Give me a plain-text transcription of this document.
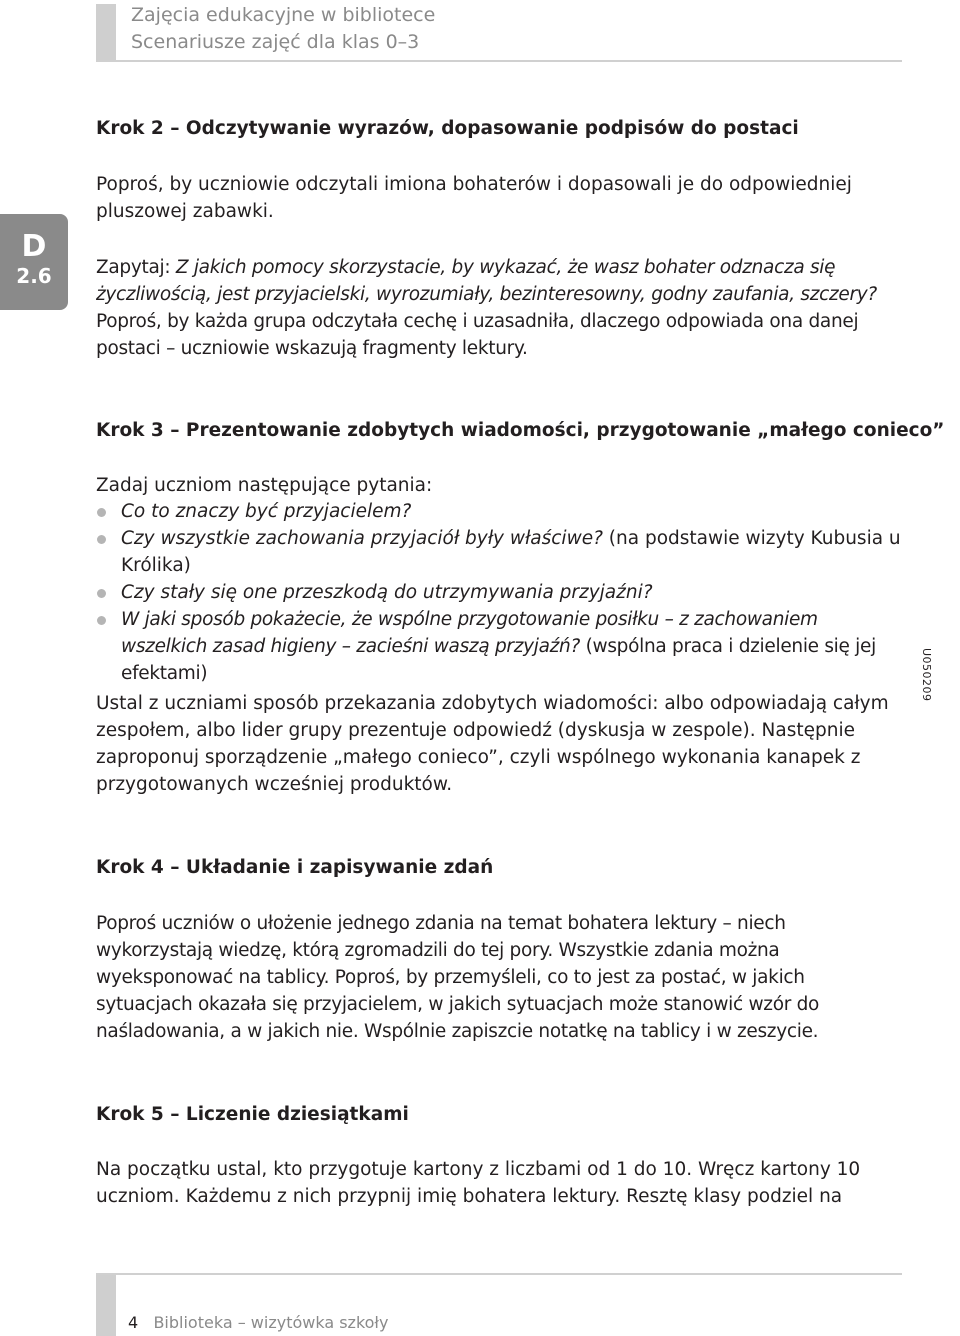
Zajęcia edukacyjne w bibliotece
Scenariusze zajęć dla klas 0–3
D
2.6
U050209
Krok 2 – Odczytywanie wyrazów, dopasowanie podpisów do postaci
Poproś, by uczniowie odczytali imiona bohaterów i dopasowali je do odpowiedniej pluszowej zabawki.
Zapytaj: Z jakich pomocy skorzystacie, by wykazać, że wasz bohater odznacza się życzliwością, jest przyjacielski, wyrozumiały, bezinteresowny, godny zaufania, szczery? Poproś, by każda grupa odczytała cechę i uzasadniła, dlaczego odpowiada ona danej postaci – uczniowie wskazują fragmenty lektury.
Krok 3 – Prezentowanie zdobytych wiadomości, przygotowanie „małego conieco”
Zadaj uczniom następujące pytania:
Co to znaczy być przyjacielem?
Czy wszystkie zachowania przyjaciół były właściwe? (na podstawie wizyty Kubusia u Królika)
Czy stały się one przeszkodą do utrzymywania przyjaźni?
W jaki sposób pokażecie, że wspólne przygotowanie posiłku – z zachowaniem wszelkich zasad higieny – zacieśni waszą przyjaźń? (wspólna praca i dzielenie się jej efektami)
Ustal z uczniami sposób przekazania zdobytych wiadomości: albo odpowiadają całym zespołem, albo lider grupy prezentuje odpowiedź (dyskusja w zespole). Następnie zaproponuj sporządzenie „małego conieco”, czyli wspólnego wykonania kanapek z przygotowanych wcześniej produktów.
Krok 4 – Układanie i zapisywanie zdań
Poproś uczniów o ułożenie jednego zdania na temat bohatera lektury – niech wykorzystają wiedzę, którą zgromadzili do tej pory. Wszystkie zdania można wyeksponować na tablicy. Poproś, by przemyśleli, co to jest za postać, w jakich sytuacjach okazała się przyjacielem, w jakich sytuacjach może stanowić wzór do naśladowania, a w jakich nie. Wspólnie zapiszcie notatkę na tablicy i w zeszycie.
Krok 5 – Liczenie dziesiątkami
Na początku ustal, kto przygotuje kartony z liczbami od 1 do 10. Wręcz kartony 10 uczniom. Każdemu z nich przypnij imię bohatera lektury. Resztę klasy podziel na
4 Biblioteka – wizytówka szkoły
